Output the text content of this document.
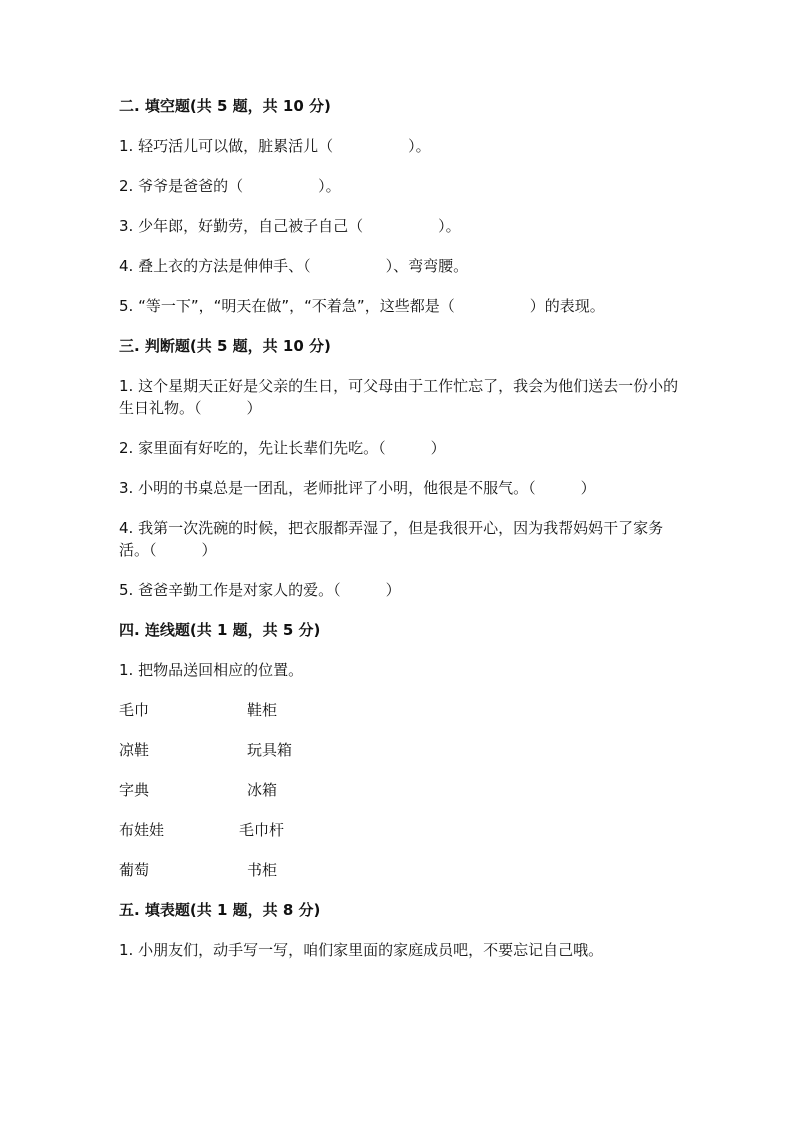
二. 填空题(共 5 题，共 10 分)
1. 轻巧活儿可以做，脏累活儿（　　　　　）。
2. 爷爷是爸爸的（　　　　　）。
3. 少年郎，好勤劳，自己被子自己（　　　　　）。
4. 叠上衣的方法是伸伸手、（　　　　　）、弯弯腰。
5. “等一下”，“明天在做”，“不着急”，这些都是（　　　　　）的表现。
三. 判断题(共 5 题，共 10 分)
1. 这个星期天正好是父亲的生日，可父母由于工作忙忘了，我会为他们送去一份小的生日礼物。（　　　）
2. 家里面有好吃的，先让长辈们先吃。（　　　）
3. 小明的书桌总是一团乱，老师批评了小明，他很是不服气。（　　　）
4. 我第一次洗碗的时候，把衣服都弄湿了，但是我很开心，因为我帮妈妈干了家务活。（　　　）
5. 爸爸辛勤工作是对家人的爱。（　　　）
四. 连线题(共 1 题，共 5 分)
1. 把物品送回相应的位置。
毛巾	鞋柜
凉鞋	玩具箱
字典	冰箱
布娃娃	毛巾杆
葡萄	书柜
五. 填表题(共 1 题，共 8 分)
1. 小朋友们，动手写一写，咱们家里面的家庭成员吧，不要忘记自己哦。
